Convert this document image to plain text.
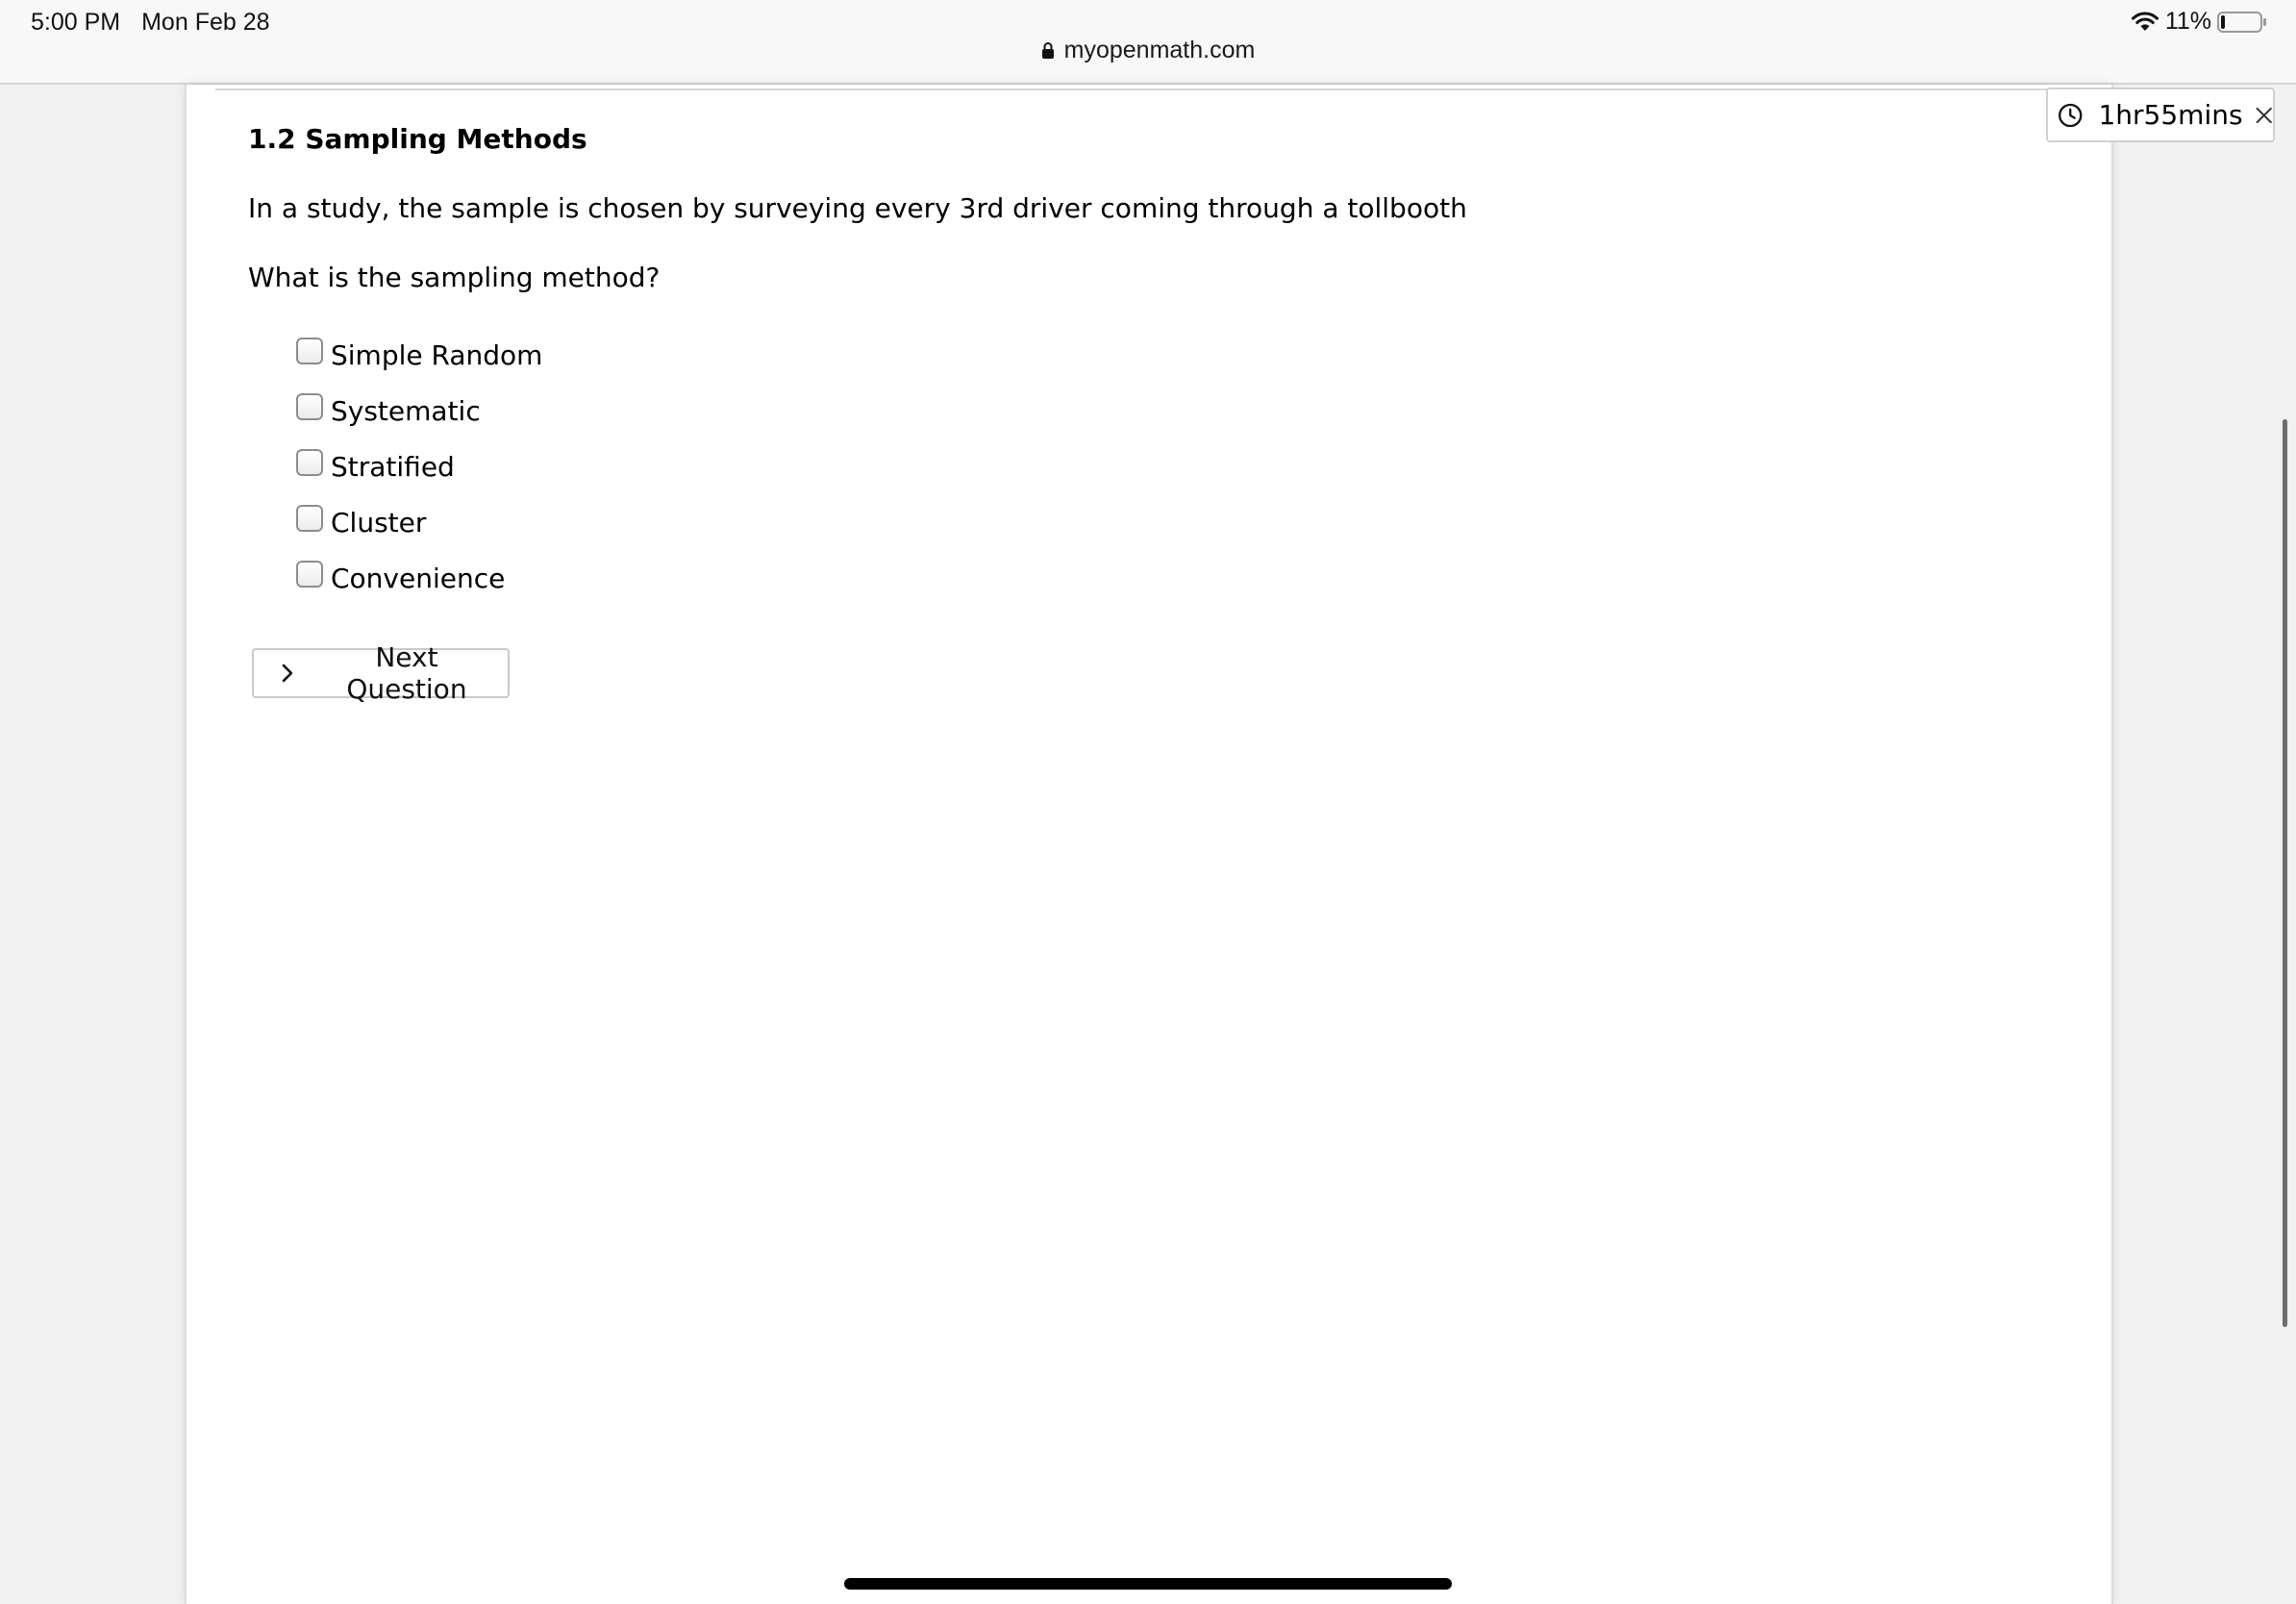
5:00 PM Mon Feb 28	11%
myopenmath.com
1.2 Sampling Methods
In a study, the sample is chosen by surveying every 3rd driver coming through a tollbooth
What is the sampling method?
Simple Random
Systematic
Stratified
Cluster
Convenience
Next Question
1hr55mins
